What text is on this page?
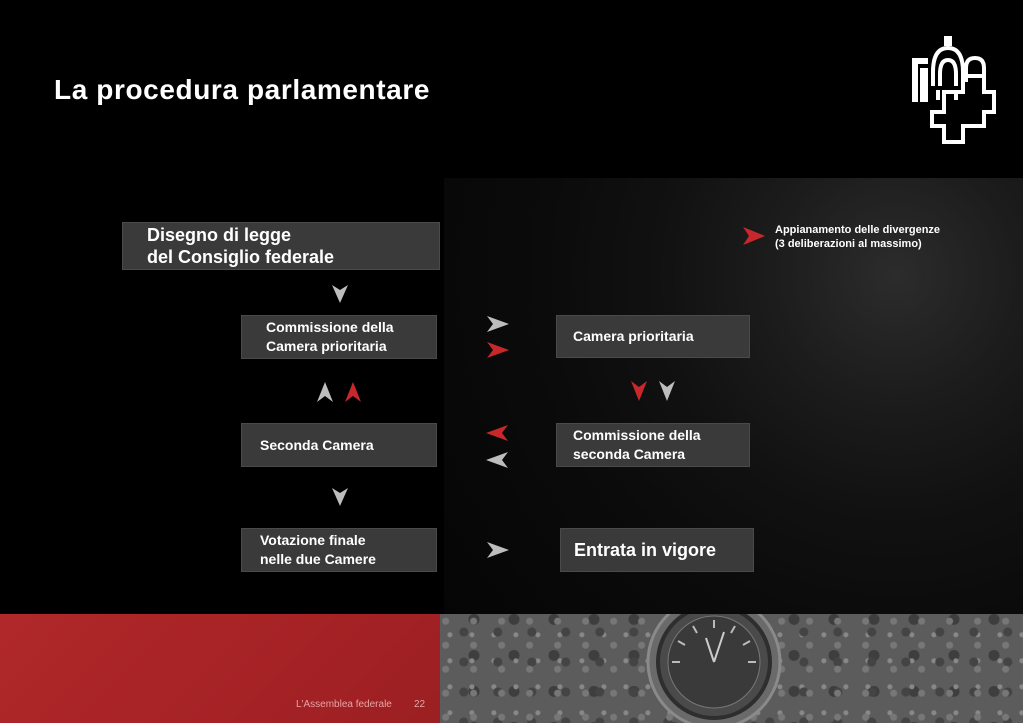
La procedura parlamentare
Appianamento delle divergenze
(3 deliberazioni al massimo)
Disegno di legge
del Consiglio federale
Commissione della
Camera prioritaria
Camera prioritaria
Seconda Camera
Commissione della
seconda Camera
Votazione finale
nelle due Camere	Entrata in vigore
L'Assemblea federale 22
